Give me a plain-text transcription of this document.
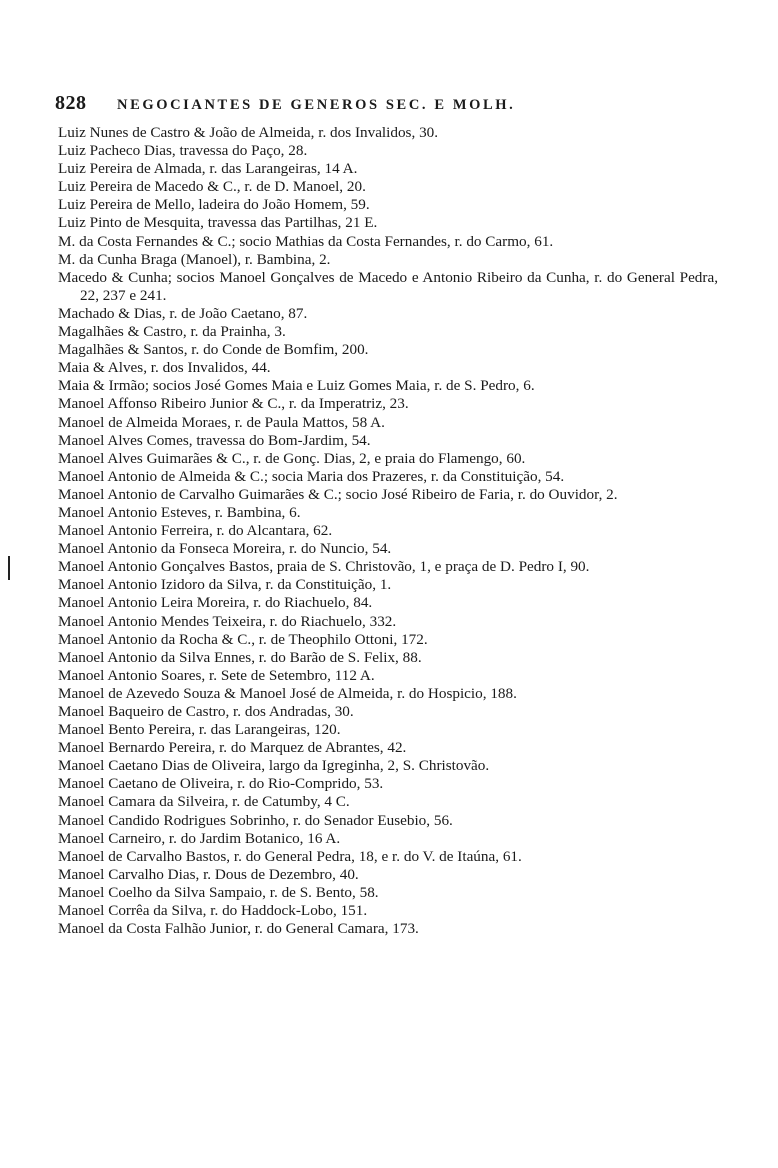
828	NEGOCIANTES DE GENEROS SEC. E MOLH.
Luiz Nunes de Castro & João de Almeida, r. dos Invalidos, 30.
Luiz Pacheco Dias, travessa do Paço, 28.
Luiz Pereira de Almada, r. das Larangeiras, 14 A.
Luiz Pereira de Macedo & C., r. de D. Manoel, 20.
Luiz Pereira de Mello, ladeira do João Homem, 59.
Luiz Pinto de Mesquita, travessa das Partilhas, 21 E.
M. da Costa Fernandes & C.; socio Mathias da Costa Fernandes, r. do Carmo, 61.
M. da Cunha Braga (Manoel), r. Bambina, 2.
Macedo & Cunha; socios Manoel Gonçalves de Macedo e Antonio Ribeiro da Cunha, r. do General Pedra, 22, 237 e 241.
Machado & Dias, r. de João Caetano, 87.
Magalhães & Castro, r. da Prainha, 3.
Magalhães & Santos, r. do Conde de Bomfim, 200.
Maia & Alves, r. dos Invalidos, 44.
Maia & Irmão; socios José Gomes Maia e Luiz Gomes Maia, r. de S. Pedro, 6.
Manoel Affonso Ribeiro Junior & C., r. da Imperatriz, 23.
Manoel de Almeida Moraes, r. de Paula Mattos, 58 A.
Manoel Alves Comes, travessa do Bom-Jardim, 54.
Manoel Alves Guimarães & C., r. de Gonç. Dias, 2, e praia do Flamengo, 60.
Manoel Antonio de Almeida & C.; socia Maria dos Prazeres, r. da Constituição, 54.
Manoel Antonio de Carvalho Guimarães & C.; socio José Ribeiro de Faria, r. do Ouvidor, 2.
Manoel Antonio Esteves, r. Bambina, 6.
Manoel Antonio Ferreira, r. do Alcantara, 62.
Manoel Antonio da Fonseca Moreira, r. do Nuncio, 54.
Manoel Antonio Gonçalves Bastos, praia de S. Christovão, 1, e praça de D. Pedro I, 90.
Manoel Antonio Izidoro da Silva, r. da Constituição, 1.
Manoel Antonio Leira Moreira, r. do Riachuelo, 84.
Manoel Antonio Mendes Teixeira, r. do Riachuelo, 332.
Manoel Antonio da Rocha & C., r. de Theophilo Ottoni, 172.
Manoel Antonio da Silva Ennes, r. do Barão de S. Felix, 88.
Manoel Antonio Soares, r. Sete de Setembro, 112 A.
Manoel de Azevedo Souza & Manoel José de Almeida, r. do Hospicio, 188.
Manoel Baqueiro de Castro, r. dos Andradas, 30.
Manoel Bento Pereira, r. das Larangeiras, 120.
Manoel Bernardo Pereira, r. do Marquez de Abrantes, 42.
Manoel Caetano Dias de Oliveira, largo da Igreginha, 2, S. Christovão.
Manoel Caetano de Oliveira, r. do Rio-Comprido, 53.
Manoel Camara da Silveira, r. de Catumby, 4 C.
Manoel Candido Rodrigues Sobrinho, r. do Senador Eusebio, 56.
Manoel Carneiro, r. do Jardim Botanico, 16 A.
Manoel de Carvalho Bastos, r. do General Pedra, 18, e r. do V. de Itaúna, 61.
Manoel Carvalho Dias, r. Dous de Dezembro, 40.
Manoel Coelho da Silva Sampaio, r. de S. Bento, 58.
Manoel Corrêa da Silva, r. do Haddock-Lobo, 151.
Manoel da Costa Falhão Junior, r. do General Camara, 173.
